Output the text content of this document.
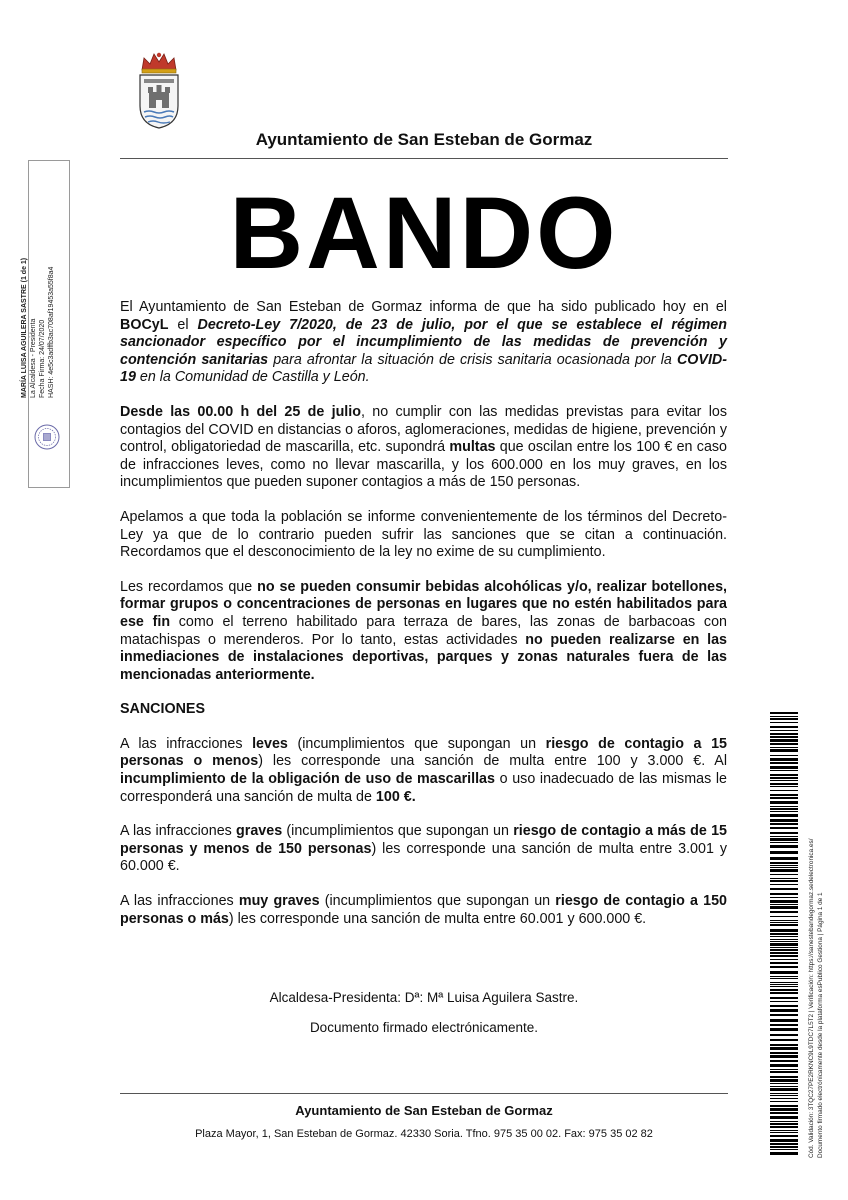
Ayuntamiento de San Esteban de Gormaz
BANDO

El Ayuntamiento de San Esteban de Gormaz informa de que ha sido publicado hoy en el BOCyL el Decreto-Ley 7/2020, de 23 de julio, por el que se establece el régimen sancionador específico por el incumplimiento de las medidas de prevención y contención sanitarias para afrontar la situación de crisis sanitaria ocasionada por la COVID-19 en la Comunidad de Castilla y León.

Desde las 00.00 h del 25 de julio, no cumplir con las medidas previstas para evitar los contagios del COVID en distancias o aforos, aglomeraciones, medidas de higiene, prevención y control, obligatoriedad de mascarilla, etc. supondrá multas que oscilan entre los 100 € en caso de infracciones leves, como no llevar mascarilla, y los 600.000 en los muy graves, en los incumplimientos que pueden suponer contagios a más de 150 personas.

Apelamos a que toda la población se informe convenientemente de los términos del Decreto-Ley ya que de lo contrario pueden sufrir las sanciones que se citan a continuación. Recordamos que el desconocimiento de la ley no exime de su cumplimiento.

Les recordamos que no se pueden consumir bebidas alcohólicas y/o, realizar botellones, formar grupos o concentraciones de personas en lugares que no estén habilitados para ese fin como el terreno habilitado para terraza de bares, las zonas de barbacoas con matachispas o merenderos. Por lo tanto, estas actividades no pueden realizarse en las inmediaciones de instalaciones deportivas, parques y zonas naturales fuera de las mencionadas anteriormente.

SANCIONES

A las infracciones leves (incumplimientos que supongan un riesgo de contagio a 15 personas o menos) les corresponde una sanción de multa entre 100 y 3.000 €. Al incumplimiento de la obligación de uso de mascarillas o uso inadecuado de las mismas le corresponderá una sanción de multa de 100 €.

A las infracciones graves (incumplimientos que supongan un riesgo de contagio a más de 15 personas y menos de 150 personas) les corresponde una sanción de multa entre 3.001 y 60.000 €.

A las infracciones muy graves (incumplimientos que supongan un riesgo de contagio a 150 personas o más) les corresponde una sanción de multa entre 60.001 y 600.000 €.

Alcaldesa-Presidenta: Dª: Mª Luisa Aguilera Sastre.
Documento firmado electrónicamente.
Ayuntamiento de San Esteban de Gormaz
Plaza Mayor, 1, San Esteban de Gormaz. 42330 Soria. Tfno. 975 35 00 02. Fax: 975 35 02 82
MARÍA LUISA AGUILERA SASTRE (1 de 1) La Alcaldesa - Presidenta Fecha Firma: 24/07/2020 HASH: 4e5c3adffb3ac708af19453a55f8a4
Cód. Validación: 3TQC27PE2RKNC9L9TDC7L5T2 | Verificación: https://sanestebandegormaz.sedelectronica.es/ Documento firmado electrónicamente desde la plataforma esPublico Gestiona | Página 1 de 1
